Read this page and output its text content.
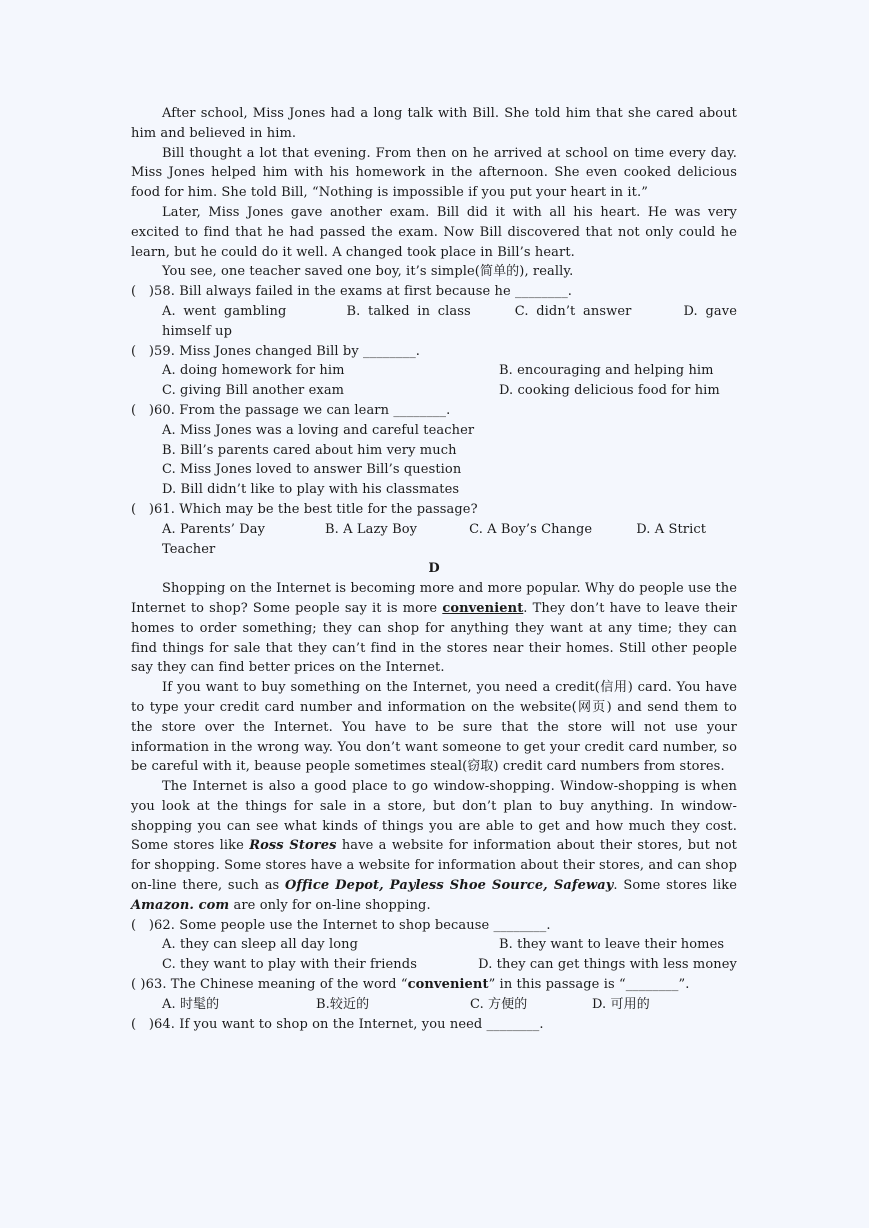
After school, Miss Jones had a long talk with Bill. She told him that she cared about him and believed in him.

Bill thought a lot that evening. From then on he arrived at school on time every day. Miss Jones helped him with his homework in the afternoon. She even cooked delicious food for him. She told Bill, “Nothing is impossible if you put your heart in it.”

Later, Miss Jones gave another exam. Bill did it with all his heart. He was very excited to find that he had passed the exam. Now Bill discovered that not only could he learn, but he could do it well. A changed took place in Bill’s heart.

You see, one teacher saved one boy, it’s simple(简单的), really.

(   )58. Bill always failed in the exams at first because he ________.

A. went gambling	B. talked in class	C. didn’t answer	D. gave himself up

(   )59. Miss Jones changed Bill by ________.

A. doing homework for him	B. encouraging and helping him
C. giving Bill another exam	D. cooking delicious food for him

(   )60. From the passage we can learn ________.

A. Miss Jones was a loving and careful teacher

B. Bill’s parents cared about him very much

C. Miss Jones loved to answer Bill’s question

D. Bill didn’t like to play with his classmates

(   )61. Which may be the best title for the passage?

A. Parents’ Day	B. A Lazy Boy	C. A Boy’s Change	D. A Strict Teacher

D

Shopping on the Internet is becoming more and more popular. Why do people use the Internet to shop? Some people say it is more convenient. They don’t have to leave their homes to order something; they can shop for anything they want at any time; they can find things for sale that they can’t find in the stores near their homes. Still other people say they can find better prices on the Internet.

If you want to buy something on the Internet, you need a credit(信用) card. You have to type your credit card number and information on the website(网页) and send them to the store over the Internet. You have to be sure that the store will not use your information in the wrong way. You don’t want someone to get your credit card number, so be careful with it, beause people sometimes steal(窃取) credit card numbers from stores.

The Internet is also a good place to go window-shopping. Window-shopping is when you look at the things for sale in a store, but don’t plan to buy anything. In window-shopping you can see what kinds of things you are able to get and how much they cost. Some stores like Ross Stores have a website for information about their stores, but not for shopping. Some stores have a website for information about their stores, and can shop on-line there, such as Office Depot, Payless Shoe Source, Safeway. Some stores like Amazon. com are only for on-line shopping.

(   )62. Some people use the Internet to shop because ________.

A. they can sleep all day long	B. they want to leave their homes
C. they want to play with their friends	D. they can get things with less money

( )63. The Chinese meaning of the word “convenient” in this passage is “________”.

A. 时髦的	B.较近的	C. 方便的	D. 可用的

(   )64. If you want to shop on the Internet, you need ________.
